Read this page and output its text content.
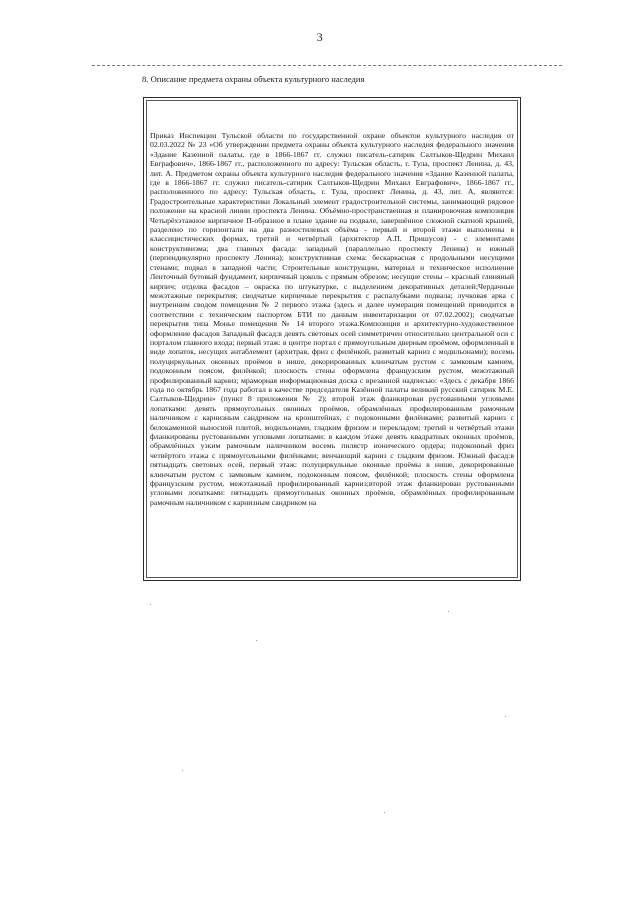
3
8. Описание предмета охраны объекта культурного наследия
Приказ Инспекции Тульской области по государственной охране объектов культурного наследия от 02.03.2022 № 23 «Об утверждении предмета охраны объекта культурного наследия федерального значения «Здание Казенной палаты, где в 1866-1867 гг. служил писатель-сатирик Салтыков-Щедрин Михаил Евграфович», 1866-1867 гг., расположенного по адресу: Тульская область, г. Тула, проспект Ленина, д. 43, лит. А. Предметом охраны объекта культурного наследия федерального значения «Здание Казенной палаты, где в 1866-1867 гг. служил писатель-сатирик Салтыков-Щедрин Михаил Евграфович», 1866-1867 гг., расположенного по адресу: Тульская область, г. Тула, проспект Ленина, д. 43, лит. А, являются: Градостроительные характеристики Локальный элемент градостроительной системы, занимающий рядовое положение на красной линии проспекта Ленина. Объёмно-пространственная и планировочная композиция Четырёхэтажное кирпичное П-образное в плане здание на подвале, завершённое сложной скатной крышей, разделено по горизонтали на два разностилевых объёма - первый и второй этажи выполнены в классицистических формах, третий и четвёртый (архитектор А.П. Пришусов) - с элементами конструктивизма; два главных фасада: западный (параллельно проспекту Ленина) и южный (перпендикулярно проспекту Ленина); конструктивная схема: бескаркасная с продольными несущими стенами; подвал в западной части; Строительные конструкции, материал и техническое исполнение Ленточный бутовый фундамент, кирпичный цоколь с прямым обрезом; несущие стены – красный глиняный кирпич; отделка фасадов – окраска по штукатурке, с выделением декоративных деталей;Чердачные межэтажные перекрытия; сводчатые кирпичные перекрытия с распалубками подвала; лучковая арка с внутренним сводом помещения № 2 первого этажа (здесь и далее нумерация помещений приводится в соответствии с техническим паспортом БТИ по данным инвентаризации от 07.02.2002); сводчатые перекрытия типа Монье помещения № 14 второго этажа.Композиция и архитектурно-художественное оформление фасадов Западный фасад:в девять световых осей симметричен относительно центральной оси с порталом главного входа; первый этаж: в центре портал с прямоугольным дверным проёмом, оформленный в виде лопаток, несущих антаблемент (архитрав, фриз с филёнкой, развитый карниз с модильонами); восемь полуциркульных оконных проёмов в нише, декорированных клинчатым рустом с замковым камнем, подоконным поясом, филёнкой; плоскость стены оформлена французским рустом, межэтажный профилированный карниз; мраморная информационная доска с врезанной надписью: «Здесь с декабря 1866 года по октябрь 1867 года работал в качестве председателя Казённой палаты великий русский сатирик М.Е. Салтыков-Щедрин» (пункт 8 приложения № 2); второй этаж фланкирован рустованными угловыми лопатками: девять прямоугольных оконных проёмов, обрамлённых профилированным рамочным наличником с карнизным сандриком на кронштейнах, с подоконными филёнками; развитый карниз с белокаменной выносной плитой, модильонами, гладким фризом и перекладом; третий и четвёртый этажи фланкированы рустованными угловыми лопатками: в каждом этаже девять квадратных оконных проёмов, обрамлённых узким рамочным наличником восемь пилястр ионического ордера; подоконный фриз четвёртого этажа с прямоугольными филёнками; венчающий карниз с гладким фризом. Южный фасад:в пятнадцать световых осей, первый этаж: полуциркульные оконные проёмы в нише, декорированные клинчатым рустом с замковым камнем, подоконным поясом, филёнкой; плоскость стены оформлена французским рустом, межэтажный профилированный карниз;второй этаж фланкирован рустованными угловыми лопатками: пятнадцать прямоугольных оконных проёмов, обрамлённых профилированным рамочным наличником с карнизным сандриком на
